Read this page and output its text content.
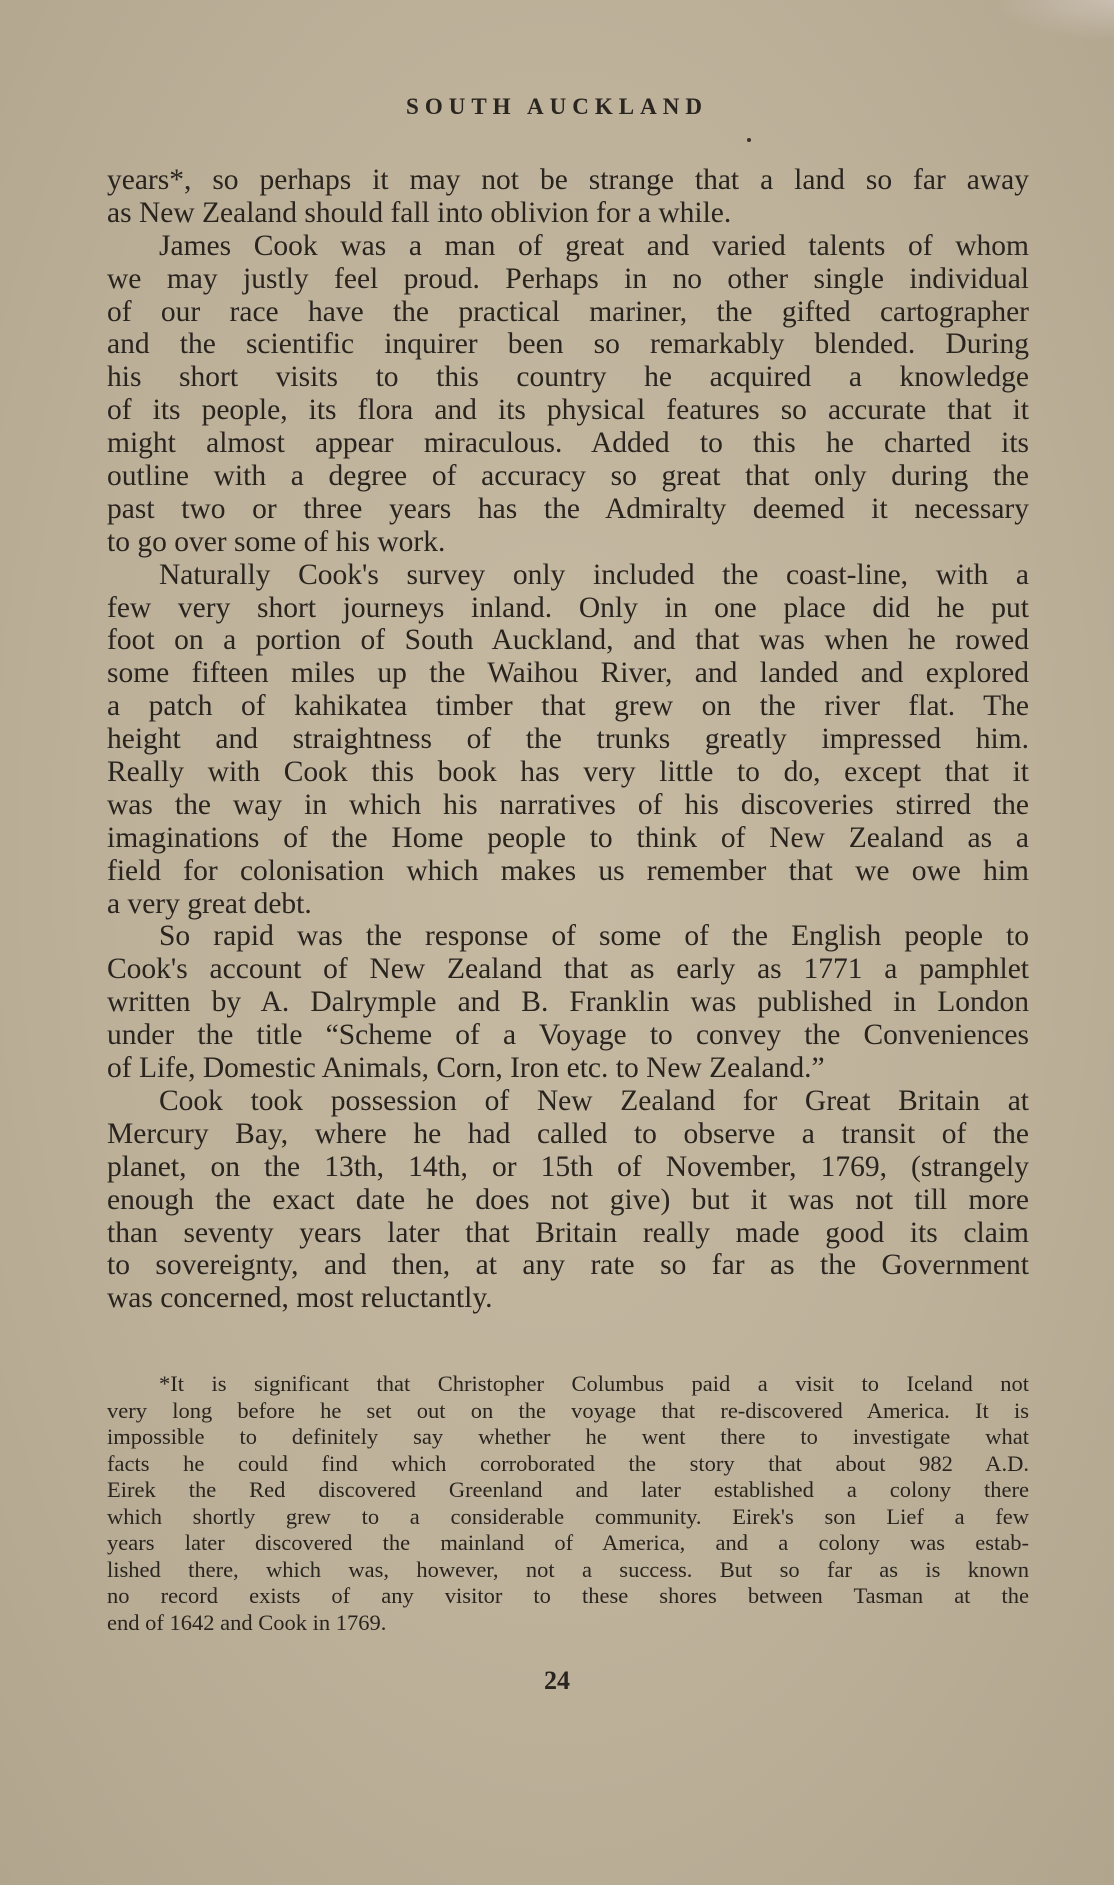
SOUTH AUCKLAND
years*, so perhaps it may not be strange that a land so far away
as New Zealand should fall into oblivion for a while.
James Cook was a man of great and varied talents of whom
we may justly feel proud. Perhaps in no other single individual
of our race have the practical mariner, the gifted cartographer
and the scientific inquirer been so remarkably blended. During
his short visits to this country he acquired a knowledge
of its people, its flora and its physical features so accurate that it
might almost appear miraculous. Added to this he charted its
outline with a degree of accuracy so great that only during the
past two or three years has the Admiralty deemed it necessary
to go over some of his work.
Naturally Cook's survey only included the coast-line, with a
few very short journeys inland. Only in one place did he put
foot on a portion of South Auckland, and that was when he rowed
some fifteen miles up the Waihou River, and landed and explored
a patch of kahikatea timber that grew on the river flat. The
height and straightness of the trunks greatly impressed him.
Really with Cook this book has very little to do, except that it
was the way in which his narratives of his discoveries stirred the
imaginations of the Home people to think of New Zealand as a
field for colonisation which makes us remember that we owe him
a very great debt.
So rapid was the response of some of the English people to
Cook's account of New Zealand that as early as 1771 a pamphlet
written by A. Dalrymple and B. Franklin was published in London
under the title “Scheme of a Voyage to convey the Conveniences
of Life, Domestic Animals, Corn, Iron etc. to New Zealand.”
Cook took possession of New Zealand for Great Britain at
Mercury Bay, where he had called to observe a transit of the
planet, on the 13th, 14th, or 15th of November, 1769, (strangely
enough the exact date he does not give) but it was not till more
than seventy years later that Britain really made good its claim
to sovereignty, and then, at any rate so far as the Government
was concerned, most reluctantly.
*It is significant that Christopher Columbus paid a visit to Iceland not
very long before he set out on the voyage that re-discovered America. It is
impossible to definitely say whether he went there to investigate what
facts he could find which corroborated the story that about 982 A.D.
Eirek the Red discovered Greenland and later established a colony there
which shortly grew to a considerable community. Eirek's son Lief a few
years later discovered the mainland of America, and a colony was estab-
lished there, which was, however, not a success. But so far as is known
no record exists of any visitor to these shores between Tasman at the
end of 1642 and Cook in 1769.
24
